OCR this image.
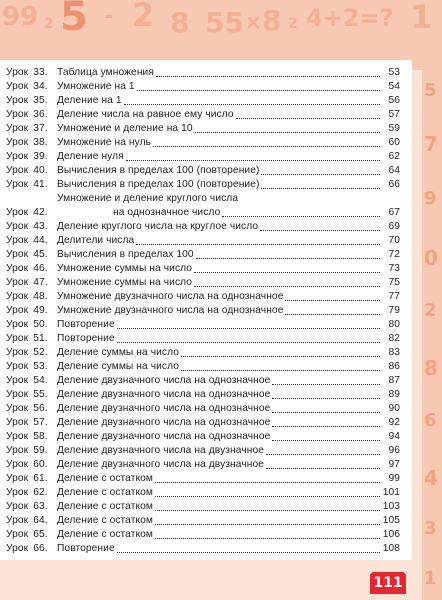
99 2 5 - 2 8 55 × 8 2 4+2=? 1
5
7
9
0
2
8
6
4
3
1
Урок 33. Таблица умножения	53
Урок 34. Умножение на 1	54
Урок 35. Деление на 1	56
Урок 36. Деление числа на равное ему число	57
Урок 37. Умножение и деление на 10	59
Урок 38. Умножение на нуль	60
Урок 39. Деление нуля	62
Урок 40. Вычисления в пределах 100 (повторение)	64
Урок 41. Вычисления в пределах 100 (повторение)	66
Урок 42.
Умножение и деление круглого числа
на однозначное число	67
Урок 43. Деление круглого числа на круглое число	69
Урок 44. Делители числа	70
Урок 45. Вычисления в пределах 100	72
Урок 46. Умножение суммы на число	73
Урок 47. Умножение суммы на число	75
Урок 48. Умножение двузначного числа на однозначное	77
Урок 49. Умножение двузначного числа на однозначное	79
Урок 50. Повторение	80
Урок 51. Повторение	82
Урок 52. Деление суммы на число	83
Урок 53. Деление суммы на число	86
Урок 54. Деление двузначного числа на однозначное	87
Урок 55. Деление двузначного числа на однозначное	89
Урок 56. Деление двузначного числа на однозначное	90
Урок 57. Деление двузначного числа на однозначное	92
Урок 58. Деление двузначного числа на однозначное	94
Урок 59. Деление двузначного числа на двузначное	96
Урок 60. Деление двузначного числа на двузначное	97
Урок 61. Деление с остатком	99
Урок 62. Деление с остатком	101
Урок 63. Деление с остатком	103
Урок 64. Деление с остатком	105
Урок 65. Деление с остатком	106
Урок 66. Повторение	108
111
